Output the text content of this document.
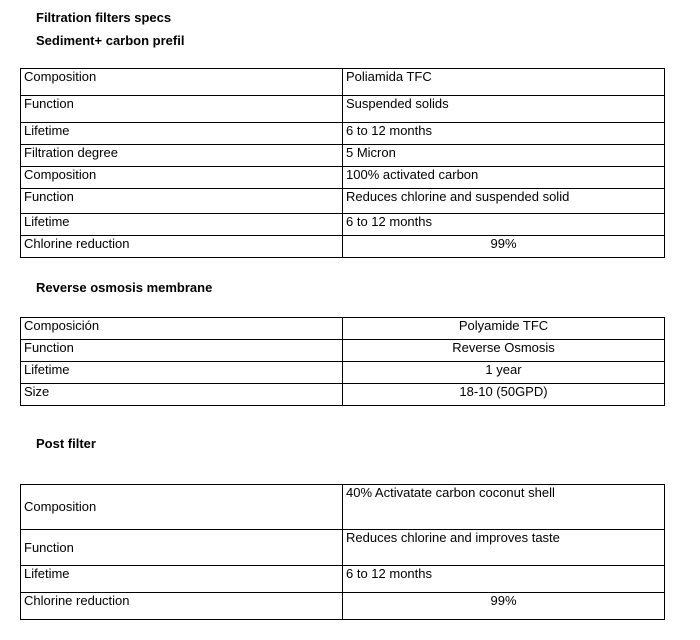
Filtration filters specs
Sediment+ carbon prefil
Composition	Poliamida TFC
Function	Suspended solids
Lifetime	6 to 12 months
Filtration degree	5 Micron
Composition	100% activated carbon
Function	Reduces chlorine and suspended solid
Lifetime	6 to 12 months
Chlorine reduction	99%
Reverse osmosis membrane
Composición	Polyamide TFC
Function	Reverse Osmosis
Lifetime	1 year
Size	18-10 (50GPD)
Post filter
Composition	40% Activatate carbon coconut shell
Function	Reduces chlorine and improves taste
Lifetime	6 to 12 months
Chlorine reduction	99%
